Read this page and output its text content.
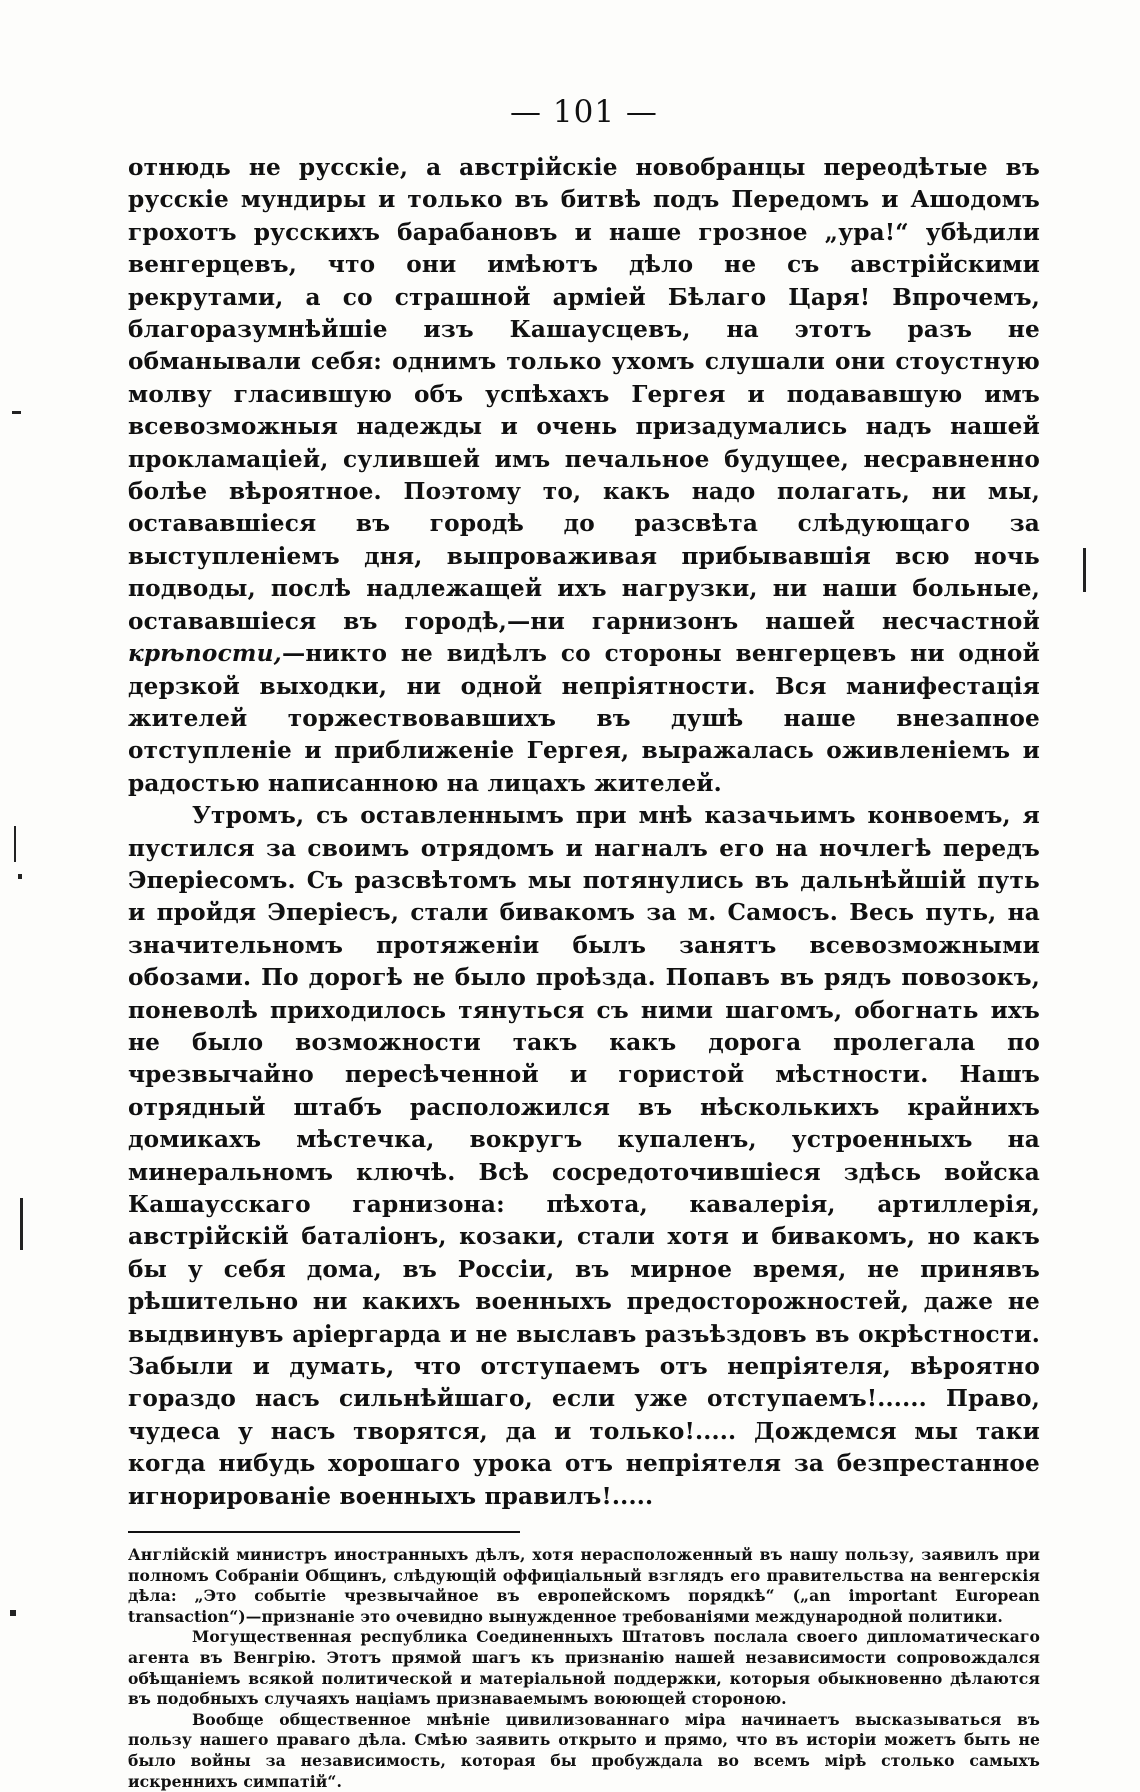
— 101 —

отнюдь не русскіе, а австрійскіе новобранцы переодѣтые въ русскіе мундиры и только въ битвѣ подъ Передомъ и Ашодомъ грохотъ русскихъ барабановъ и наше грозное „ура!“ убѣдили венгерцевъ, что они имѣютъ дѣло не съ австрійскими рекрутами, а со страшной арміей Бѣлаго Царя! Впрочемъ, благоразумнѣйшіе изъ Кашаусцевъ, на этотъ разъ не обманывали себя: однимъ только ухомъ слушали они стоустную молву гласившую объ успѣхахъ Гергея и подававшую имъ всевозможныя надежды и очень призадумались надъ нашей прокламаціей, сулившей имъ печальное будущее, несравненно болѣе вѣроятное. Поэтому то, какъ надо полагать, ни мы, остававшіеся въ городѣ до разсвѣта слѣдующаго за выступленіемъ дня, выпроваживая прибывавшія всю ночь подводы, послѣ надлежащей ихъ нагрузки, ни наши больные, остававшіеся въ городѣ,—ни гарнизонъ нашей несчастной крѣпости,—никто не видѣлъ со стороны венгерцевъ ни одной дерзкой выходки, ни одной непріятности. Вся манифестація жителей торжествовавшихъ въ душѣ наше внезапное отступленіе и приближеніе Гергея, выражалась оживленіемъ и радостью написанною на лицахъ жителей.

Утромъ, съ оставленнымъ при мнѣ казачьимъ конвоемъ, я пустился за своимъ отрядомъ и нагналъ его на ночлегѣ передъ Эперіесомъ. Съ разсвѣтомъ мы потянулись въ дальнѣйшій путь и пройдя Эперіесъ, стали бивакомъ за м. Самосъ. Весь путь, на значительномъ протяженіи былъ занятъ всевозможными обозами. По дорогѣ не было проѣзда. Попавъ въ рядъ повозокъ, поневолѣ приходилось тянуться съ ними шагомъ, обогнать ихъ не было возможности такъ какъ дорога пролегала по чрезвычайно пересѣченной и гористой мѣстности. Нашъ отрядный штабъ расположился въ нѣсколькихъ крайнихъ домикахъ мѣстечка, вокругъ купаленъ, устроенныхъ на минеральномъ ключѣ. Всѣ сосредоточившіеся здѣсь войска Кашаусскаго гарнизона: пѣхота, кавалерія, артиллерія, австрійскій баталіонъ, козаки, стали хотя и бивакомъ, но какъ бы у себя дома, въ Россіи, въ мирное время, не принявъ рѣшительно ни какихъ военныхъ предосторожностей, даже не выдвинувъ аріергарда и не выславъ разъѣздовъ въ окрѣстности. Забыли и думать, что отступаемъ отъ непріятеля, вѣроятно гораздо насъ сильнѣйшаго, если уже отступаемъ!...... Право, чудеса у насъ творятся, да и только!..... Дождемся мы таки когда нибудь хорошаго урока отъ непріятеля за безпрестанное игнорированіе военныхъ правилъ!.....

Англійскій министръ иностранныхъ дѣлъ, хотя нерасположенный въ нашу пользу, заявилъ при полномъ Собраніи Общинъ, слѣдующій оффиціальный взглядъ его правительства на венгерскія дѣла: „Это событіе чрезвычайное въ европейскомъ порядкѣ“ („an important European transaction“)—признаніе это очевидно вынужденное требованіями международной политики.

Могущественная республика Соединенныхъ Штатовъ послала своего дипломатическаго агента въ Венгрію. Этотъ прямой шагъ къ признанію нашей независимости сопровождался обѣщаніемъ всякой политической и матеріальной поддержки, которыя обыкновенно дѣлаются въ подобныхъ случаяхъ націамъ признаваемымъ воюющей стороною.

Вообще общественное мнѣніе цивилизованнаго міра начинаетъ высказываться въ пользу нашего праваго дѣла. Смѣю заявить открыто и прямо, что въ исторіи можетъ быть не было войны за независимость, которая бы пробуждала во всемъ мірѣ столько самыхъ искреннихъ симпатій“.
